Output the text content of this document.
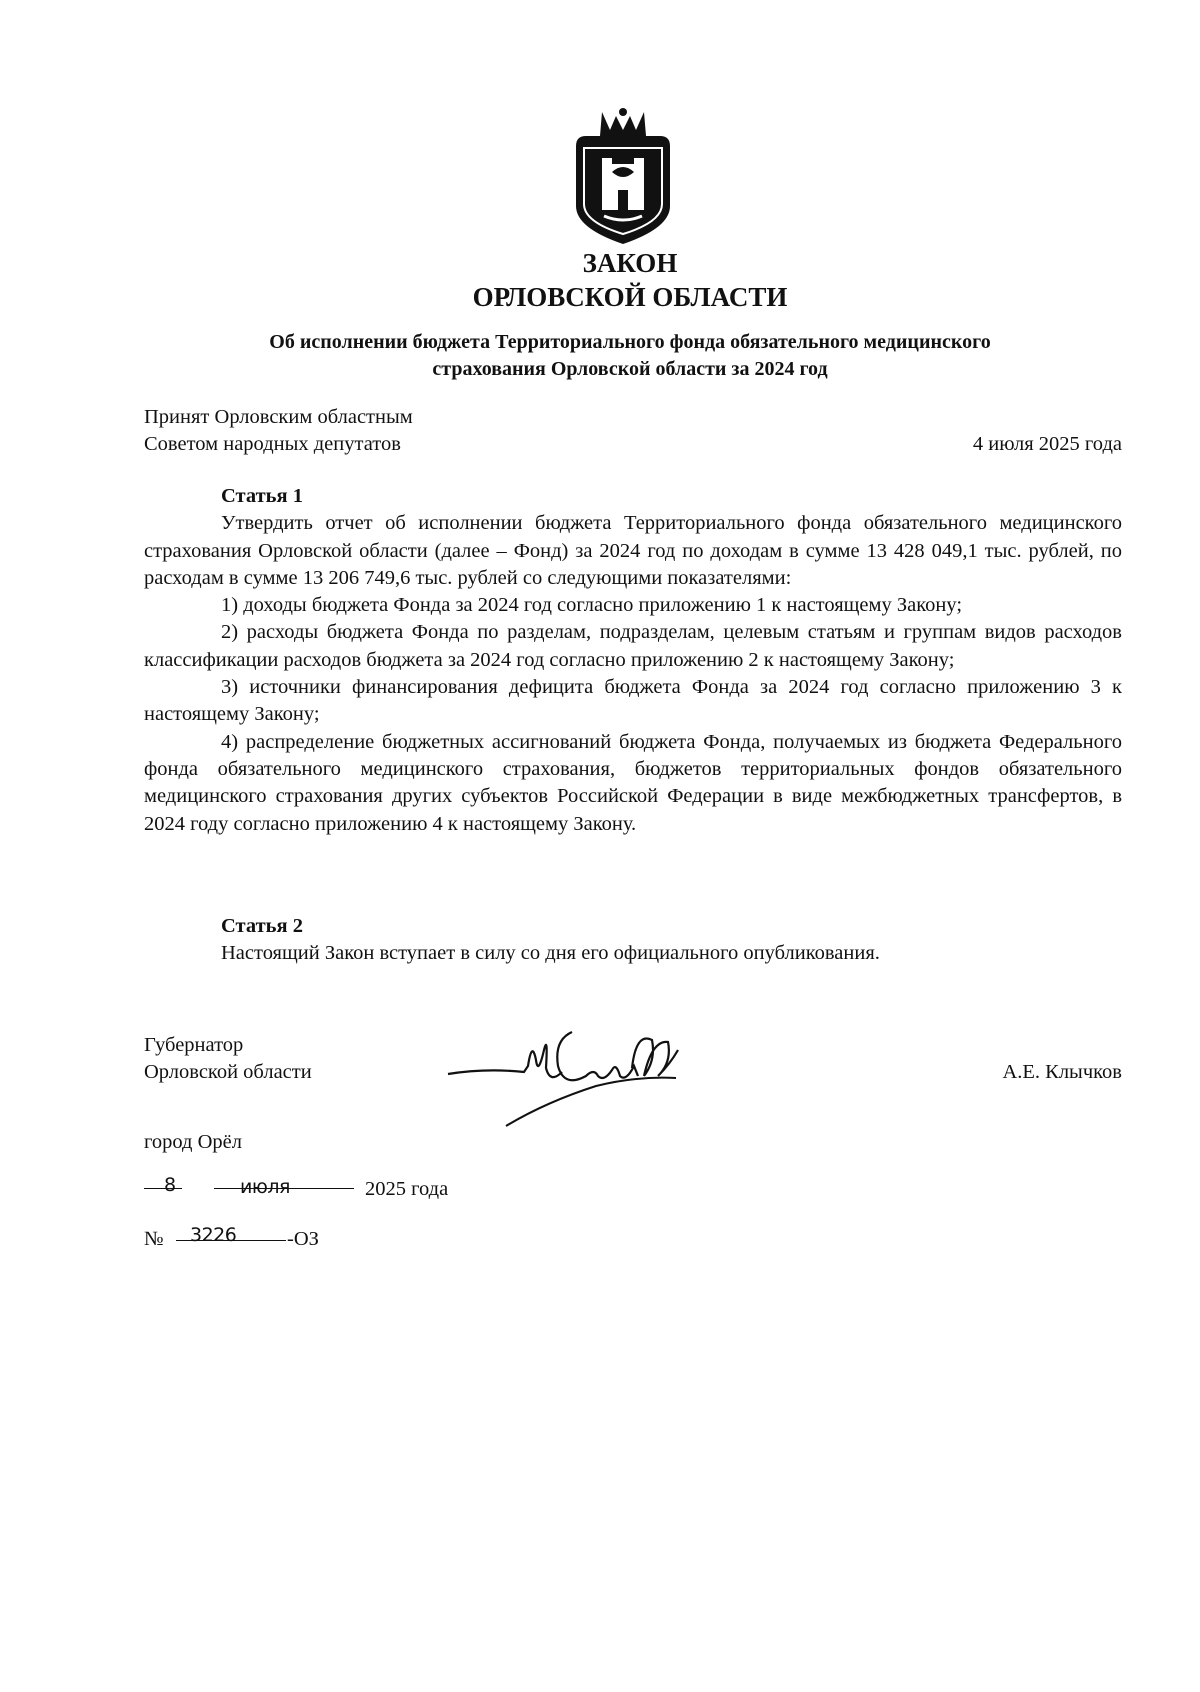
ЗАКОН
ОРЛОВСКОЙ ОБЛАСТИ
Об исполнении бюджета Территориального фонда обязательного медицинского
страхования Орловской области за 2024 год
Принят Орловским областным
Советом народных депутатов	4 июля 2025 года

Статья 1

Утвердить отчет об исполнении бюджета Территориального фонда обязательного медицинского страхования Орловской области (далее – Фонд) за 2024 год по доходам в сумме 13 428 049,1 тыс. рублей, по расходам в сумме 13 206 749,6 тыс. рублей со следующими показателями:

1) доходы бюджета Фонда за 2024 год согласно приложению 1 к настоящему Закону;

2) расходы бюджета Фонда по разделам, подразделам, целевым статьям и группам видов расходов классификации расходов бюджета за 2024 год согласно приложению 2 к настоящему Закону;

3) источники финансирования дефицита бюджета Фонда за 2024 год согласно приложению 3 к настоящему Закону;

4) распределение бюджетных ассигнований бюджета Фонда, получаемых из бюджета Федерального фонда обязательного медицинского страхования, бюджетов территориальных фондов обязательного медицинского страхования других субъектов Российской Федерации в виде межбюджетных трансфертов, в 2024 году согласно приложению 4 к настоящему Закону.

Статья 2

Настоящий Закон вступает в силу со дня его официального опубликования.

Губернатор
Орловской области	А.Е. Клычков
город Орёл
8	июля	2025 года
№ 3226 -ОЗ
